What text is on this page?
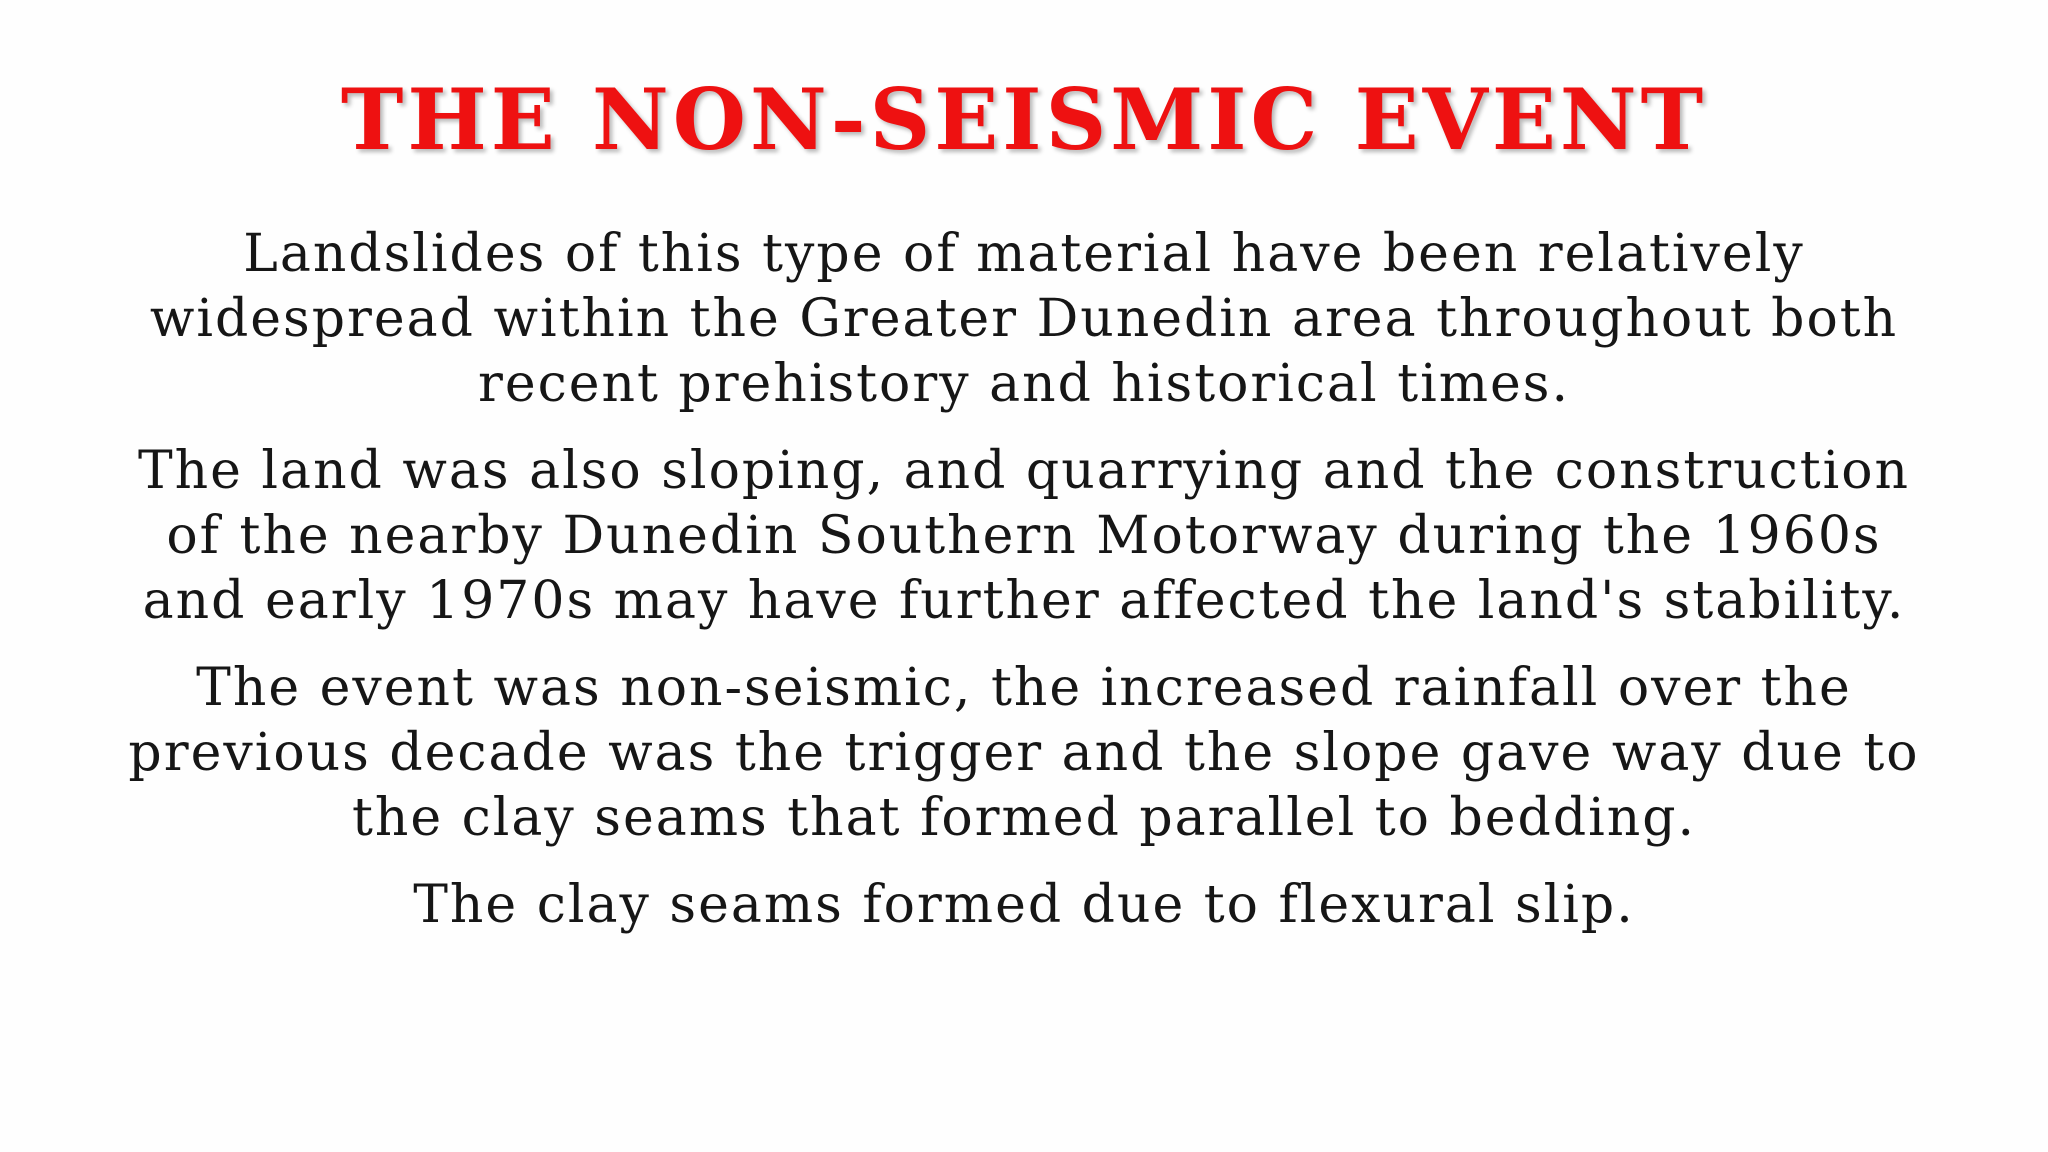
THE NON-SEISMIC EVENT

Landslides of this type of material have been relatively
widespread within the Greater Dunedin area throughout both
recent prehistory and historical times.

The land was also sloping, and quarrying and the construction
of the nearby Dunedin Southern Motorway during the 1960s
and early 1970s may have further affected the land's stability.

The event was non-seismic, the increased rainfall over the
previous decade was the trigger and the slope gave way due to
the clay seams that formed parallel to bedding.

The clay seams formed due to flexural slip.
